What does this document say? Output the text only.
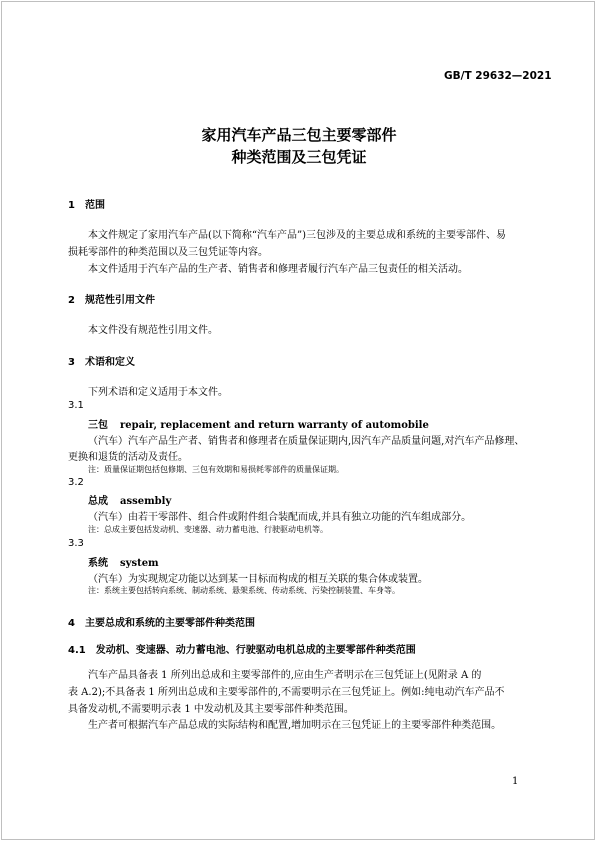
GB/T 29632—2021
家用汽车产品三包主要零部件
种类范围及三包凭证
1　范围
本文件规定了家用汽车产品(以下简称“汽车产品”)三包涉及的主要总成和系统的主要零部件、易
损耗零部件的种类范围以及三包凭证等内容。
本文件适用于汽车产品的生产者、销售者和修理者履行汽车产品三包责任的相关活动。
2　规范性引用文件
本文件没有规范性引用文件。
3　术语和定义
下列术语和定义适用于本文件。
3.1
三包 repair, replacement and return warranty of automobile
（汽车）汽车产品生产者、销售者和修理者在质量保证期内,因汽车产品质量问题,对汽车产品修理、
更换和退货的活动及责任。
注：质量保证期包括包修期、三包有效期和易损耗零部件的质量保证期。
3.2
总成 assembly
（汽车）由若干零部件、组合件或附件组合装配而成,并具有独立功能的汽车组成部分。
注：总成主要包括发动机、变速器、动力蓄电池、行驶驱动电机等。
3.3
系统 system
（汽车）为实现规定功能以达到某一目标而构成的相互关联的集合体或装置。
注：系统主要包括转向系统、制动系统、悬架系统、传动系统、污染控制装置、车身等。
4　主要总成和系统的主要零部件种类范围
4.1　发动机、变速器、动力蓄电池、行驶驱动电机总成的主要零部件种类范围
汽车产品具备表 1 所列出总成和主要零部件的,应由生产者明示在三包凭证上(见附录 A 的
表 A.2);不具备表 1 所列出总成和主要零部件的,不需要明示在三包凭证上。例如:纯电动汽车产品不
具备发动机,不需要明示表 1 中发动机及其主要零部件种类范围。
生产者可根据汽车产品总成的实际结构和配置,增加明示在三包凭证上的主要零部件种类范围。
1
